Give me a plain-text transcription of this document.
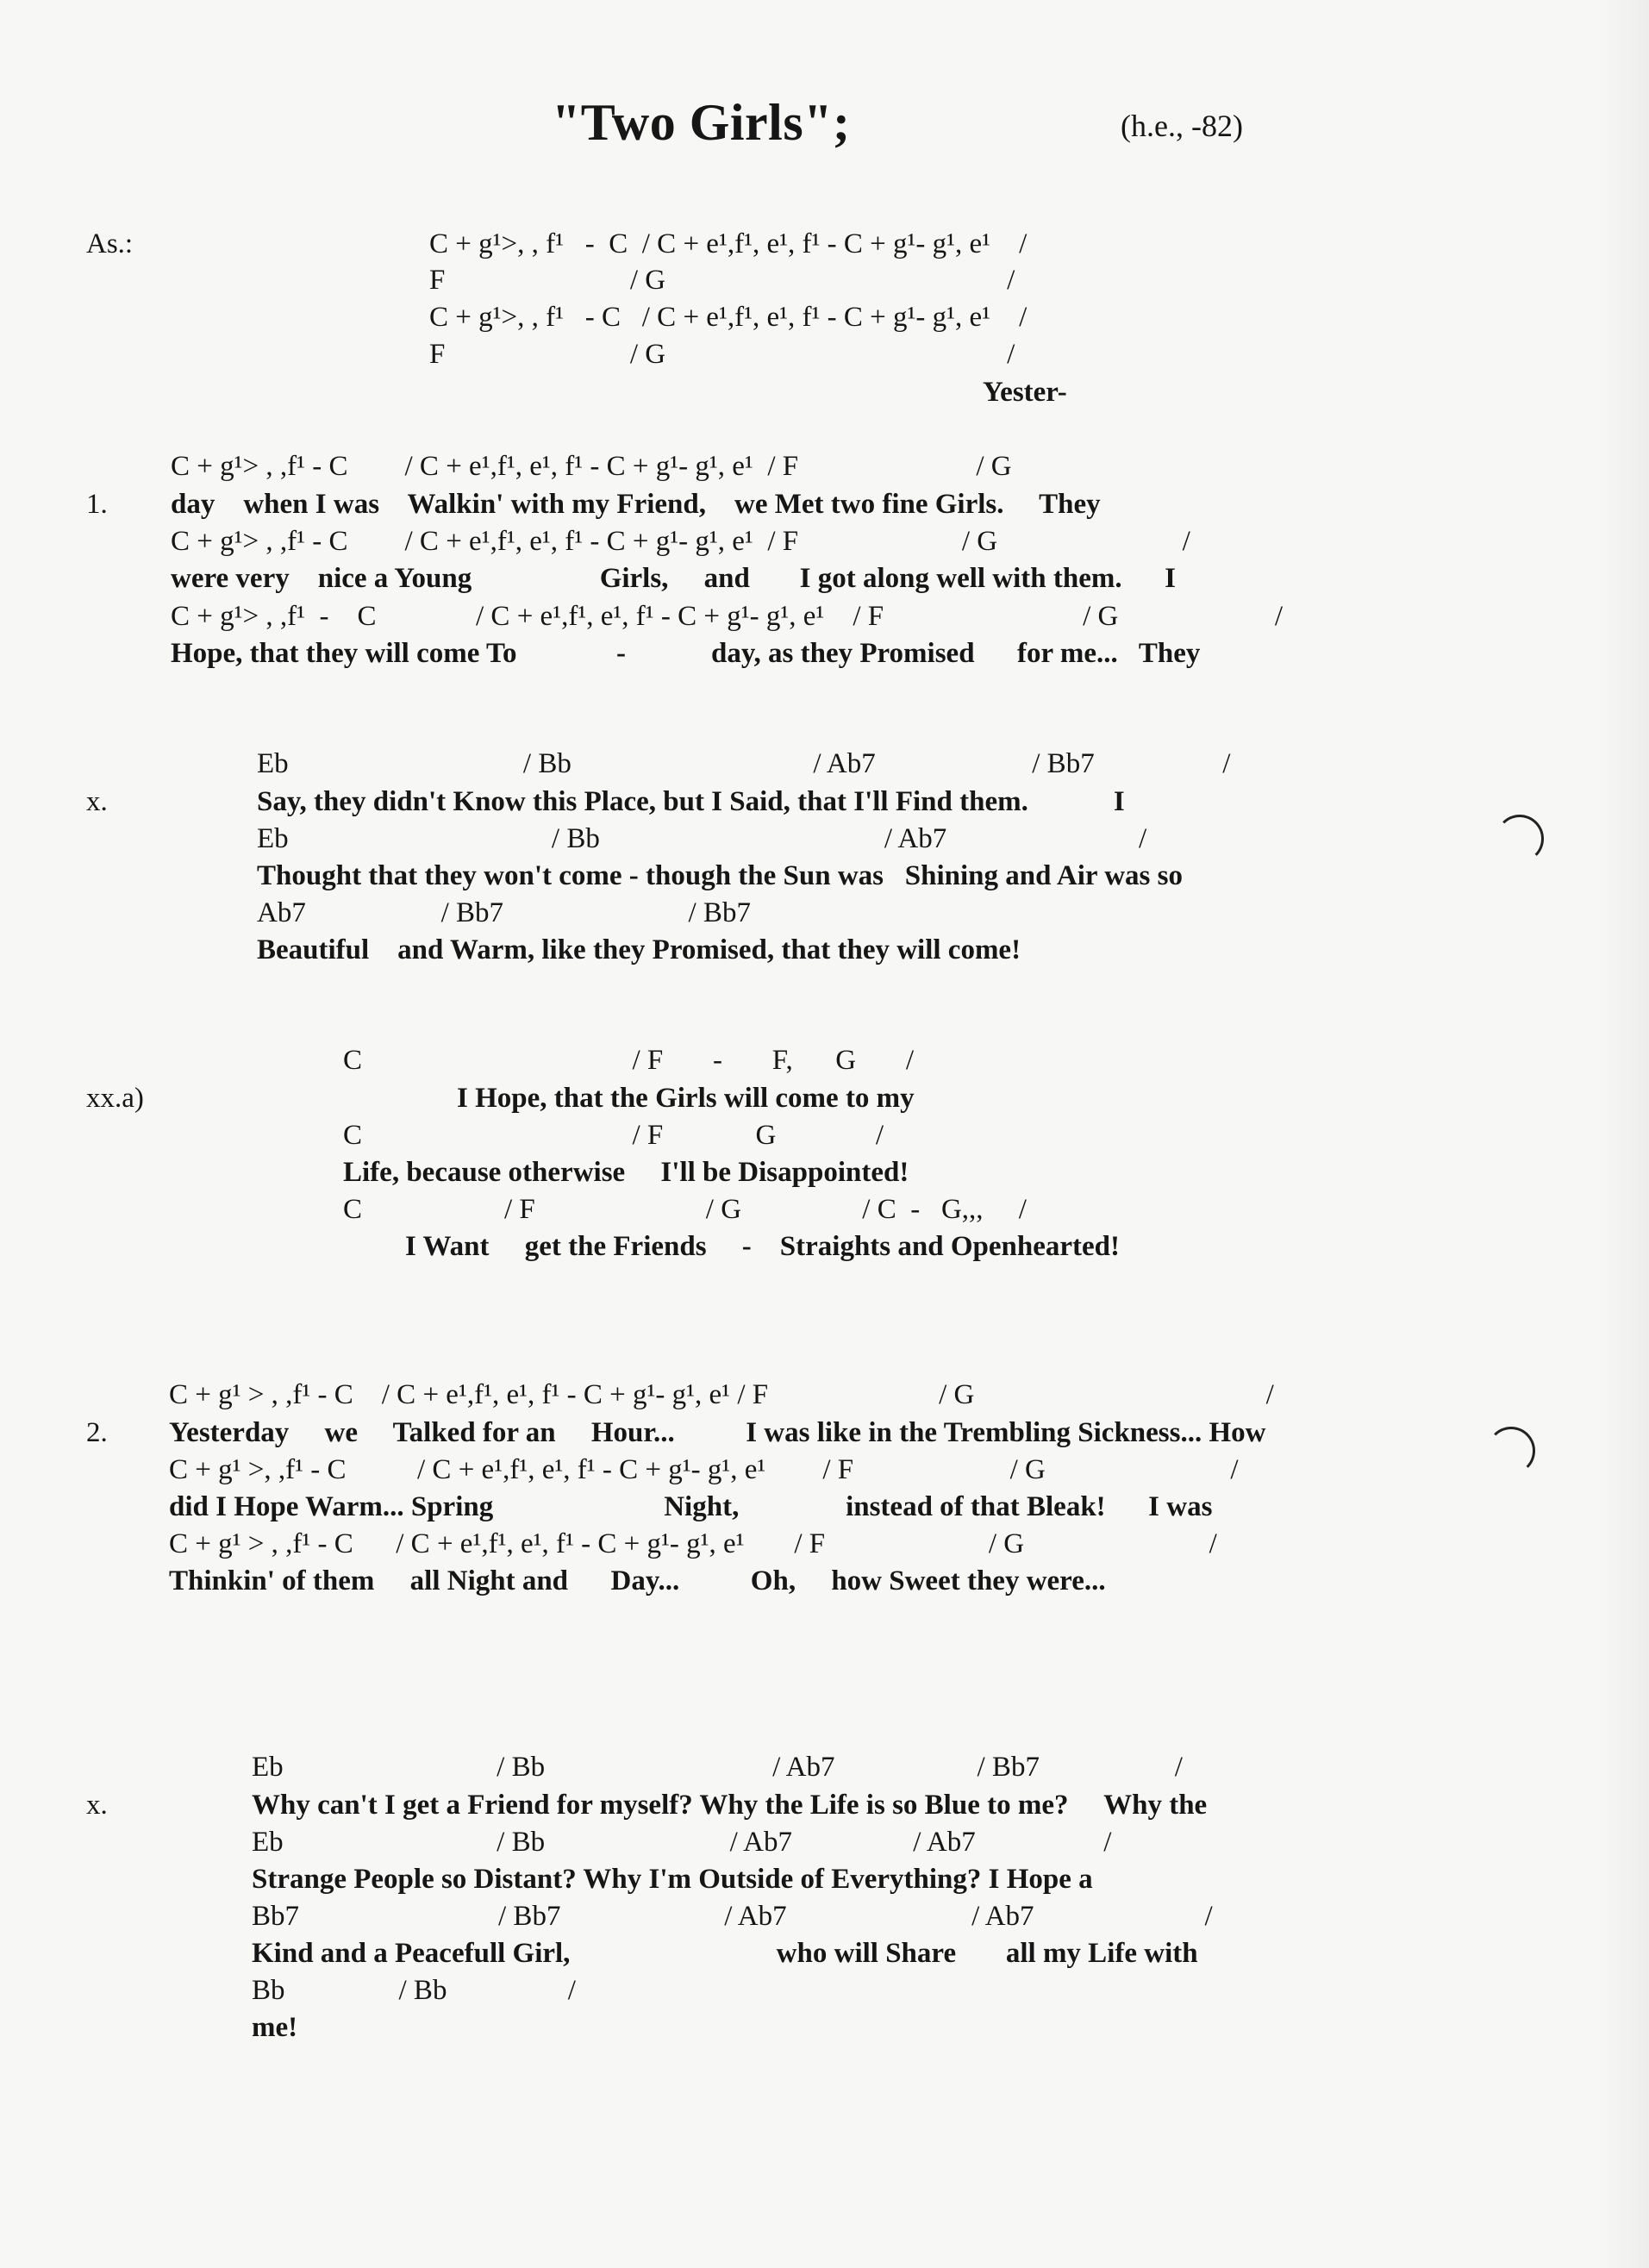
"Two Girls";	(h.e., -82)
As.:	C + g¹>, , f¹   -  C  / C + e¹,f¹, e¹, f¹ - C + g¹- g¹, e¹    /
F                          / G                                                /
C + g¹>, , f¹   - C   / C + e¹,f¹, e¹, f¹ - C + g¹- g¹, e¹    /
F                          / G                                                /
Yester-
C + g¹> , ,f¹ - C        / C + e¹,f¹, e¹, f¹ - C + g¹- g¹, e¹  / F                         / G
1. day    when I was    Walkin' with my Friend,    we Met two fine Girls.     They
C + g¹> , ,f¹ - C        / C + e¹,f¹, e¹, f¹ - C + g¹- g¹, e¹  / F                       / G                          /
were very    nice a Young                  Girls,     and       I got along well with them.      I
C + g¹> , ,f¹  -    C              / C + e¹,f¹, e¹, f¹ - C + g¹- g¹, e¹    / F                            / G                      /
Hope, that they will come To              -            day, as they Promised      for me...   They
Eb                                 / Bb                                  / Ab7                      / Bb7                  /
x.	Say, they didn't Know this Place, but I Said, that I'll Find them.            I
Eb                                     / Bb                                        / Ab7                           /
Thought that they won't come - though the Sun was   Shining and Air was so
Ab7                   / Bb7                          / Bb7
Beautiful    and Warm, like they Promised, that they will come!
C                                      / F       -       F,      G       /
xx.a)	I Hope, that the Girls will come to my
C                                      / F             G              /
Life, because otherwise     I'll be Disappointed!
C                    / F                        / G                 / C  -   G,,,     /
I Want     get the Friends     -    Straights and Openhearted!
C + g¹ > , ,f¹ - C    / C + e¹,f¹, e¹, f¹ - C + g¹- g¹, e¹ / F                        / G                                         /
2. Yesterday     we     Talked for an     Hour...          I was like in the Trembling Sickness... How
C + g¹ >, ,f¹ - C          / C + e¹,f¹, e¹, f¹ - C + g¹- g¹, e¹        / F                      / G                          /
did I Hope Warm... Spring                        Night,               instead of that Bleak!      I was
C + g¹ > , ,f¹ - C      / C + e¹,f¹, e¹, f¹ - C + g¹- g¹, e¹       / F                       / G                          /
Thinkin' of them     all Night and      Day...          Oh,     how Sweet they were...
Eb                              / Bb                                / Ab7                    / Bb7                   /
x.	Why can't I get a Friend for myself? Why the Life is so Blue to me?     Why the
Eb                              / Bb                          / Ab7                 / Ab7                  /
Strange People so Distant? Why I'm Outside of Everything? I Hope a
Bb7                            / Bb7                       / Ab7                          / Ab7                        /
Kind and a Peacefull Girl,                             who will Share       all my Life with
Bb                / Bb                 /
me!
